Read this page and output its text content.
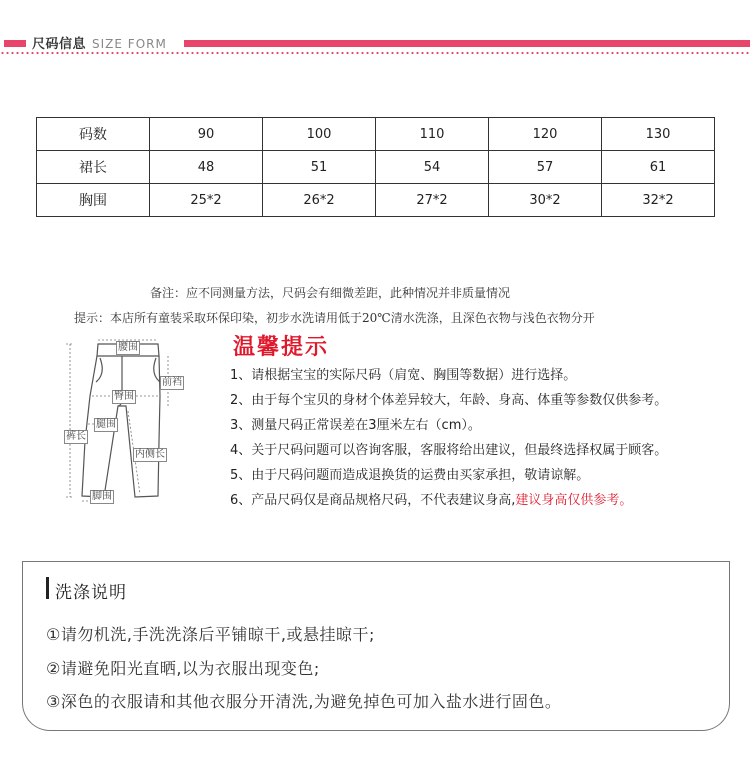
尺码信息 SIZE FORM
码数	90	100	110	120	130
裙长	48	51	54	57	61
胸围	25*2	26*2	27*2	30*2	32*2
备注：应不同测量方法，尺码会有细微差距，此种情况并非质量情况
提示：本店所有童装采取环保印染，初步水洗请用低于20℃清水洗涤，且深色衣物与浅色衣物分开
腰围
前裆
臀围
腿围
裤长
内侧长
脚围
温馨提示
1、请根据宝宝的实际尺码（肩宽、胸围等数据）进行选择。
2、由于每个宝贝的身材个体差异较大，年龄、身高、体重等参数仅供参考。
3、测量尺码正常误差在3厘米左右（cm）。
4、关于尺码问题可以咨询客服，客服将给出建议，但最终选择权属于顾客。
5、由于尺码问题而造成退换货的运费由买家承担，敬请谅解。
6、产品尺码仅是商品规格尺码，不代表建议身高,建议身高仅供参考。
洗涤说明
①请勿机洗,手洗洗涤后平铺晾干,或悬挂晾干;
②请避免阳光直晒,以为衣服出现变色;
③深色的衣服请和其他衣服分开清洗,为避免掉色可加入盐水进行固色。
